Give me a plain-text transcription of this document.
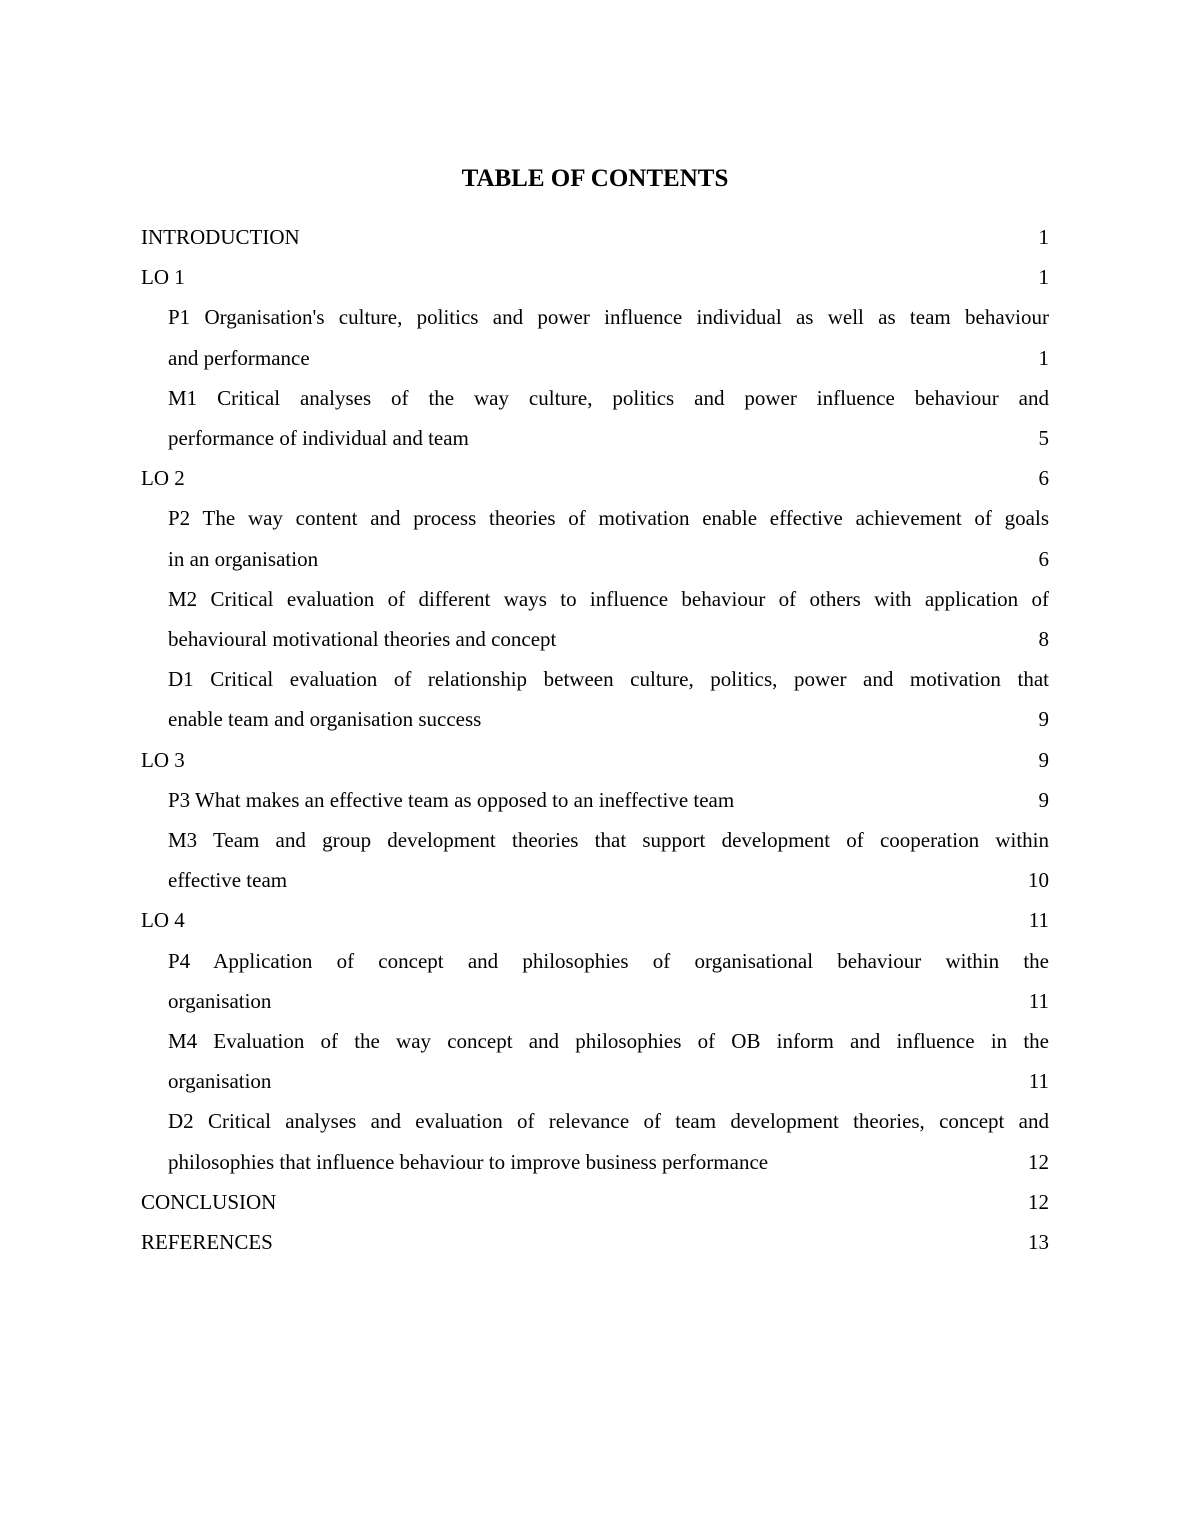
TABLE OF CONTENTS
INTRODUCTION	1
LO 1	1
P1 Organisation's culture, politics and power influence individual as well as team behaviour
and performance	1
M1 Critical analyses of the way culture, politics and power influence behaviour and
performance of individual and team	5
LO 2	6
P2 The way content and process theories of motivation enable effective achievement of goals
in an organisation	6
M2 Critical evaluation of different ways to influence behaviour of others with application of
behavioural motivational theories and concept	8
D1 Critical evaluation of relationship between culture, politics, power and motivation that
enable team and organisation success	9
LO 3	9
P3 What makes an effective team as opposed to an ineffective team	9
M3 Team and group development theories that support development of cooperation within
effective team	10
LO 4	11
P4 Application of concept and philosophies of organisational behaviour within the
organisation	11
M4 Evaluation of the way concept and philosophies of OB inform and influence in the
organisation	11
D2 Critical analyses and evaluation of relevance of team development theories, concept and
philosophies that influence behaviour to improve business performance	12
CONCLUSION	12
REFERENCES	13
